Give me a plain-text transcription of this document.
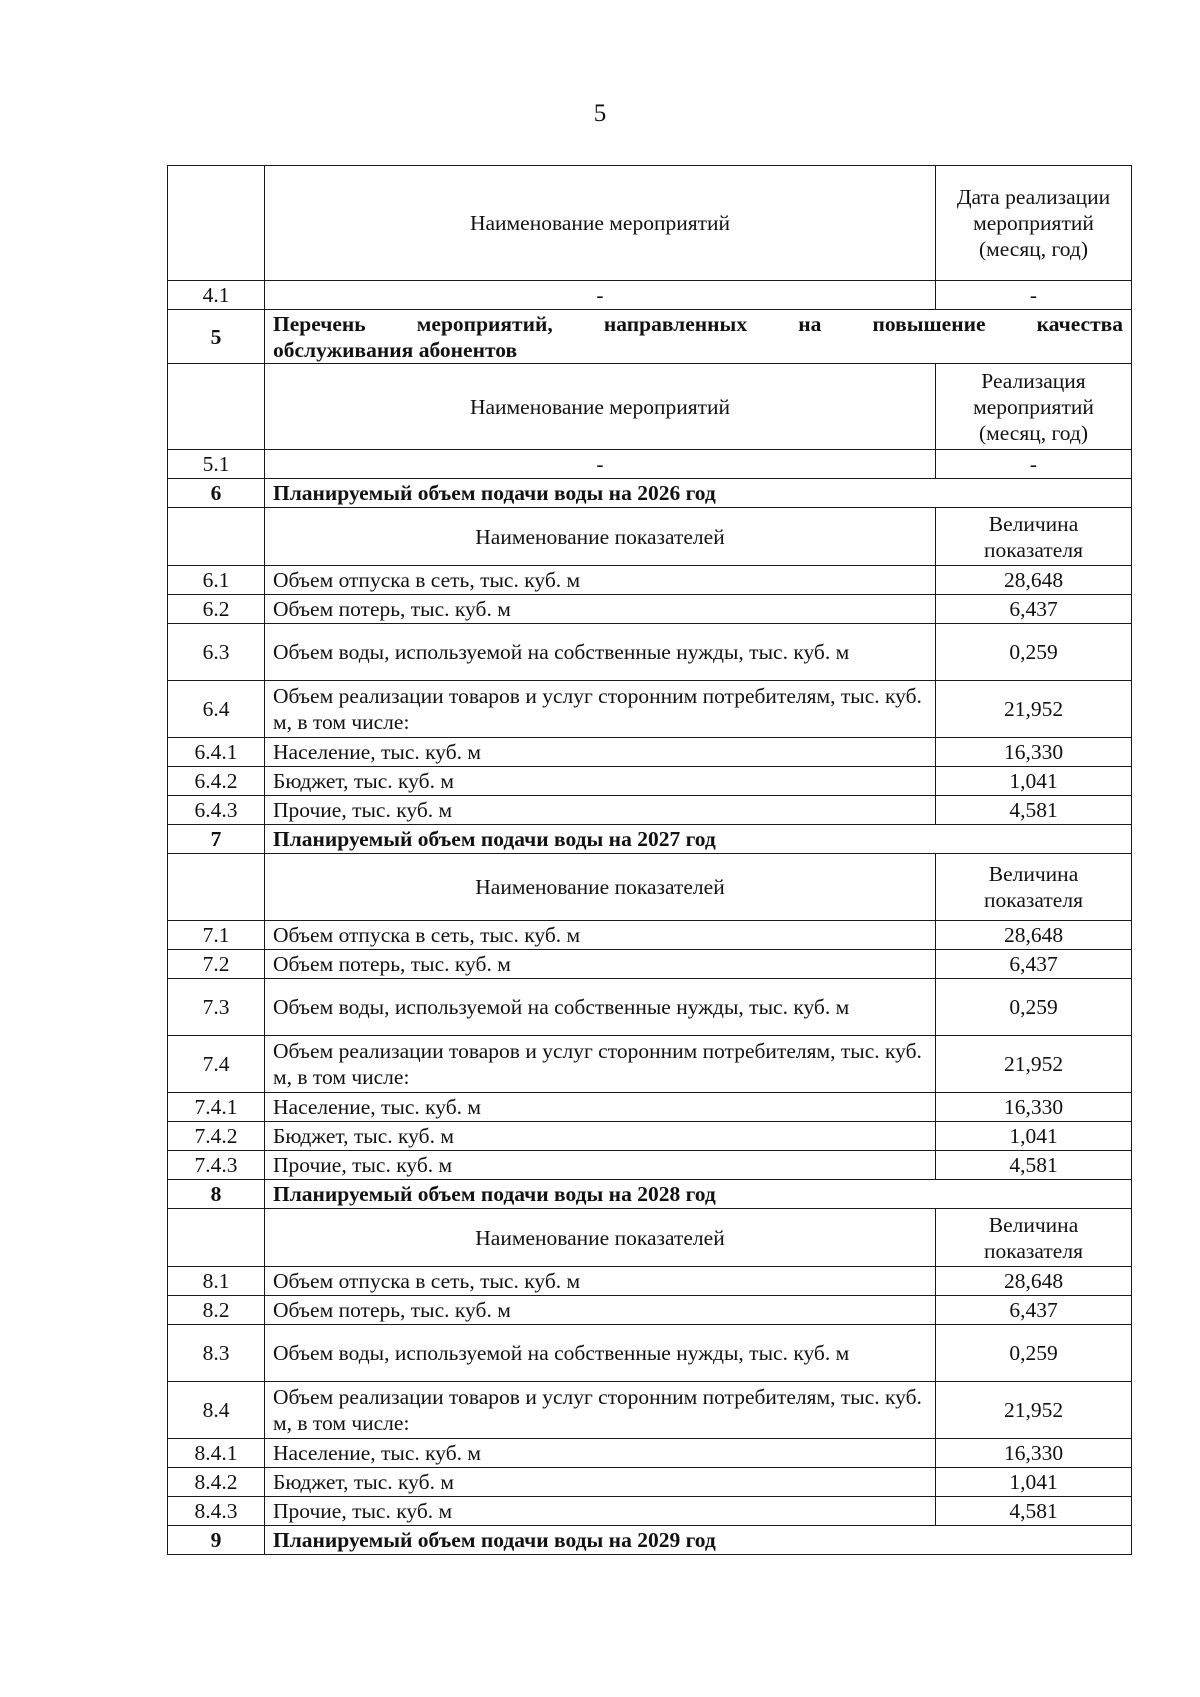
5
	Наименование мероприятий	Дата реализации мероприятий (месяц, год)
4.1	-	-
5	Перечень мероприятий, направленных на повышение качества
обслуживания абонентов	

	Наименование мероприятий	Реализация мероприятий (месяц, год)
5.1	-	-
6	Планируемый объем подачи воды на 2026 год	
	Наименование показателей	Величина показателя
6.1	Объем отпуска в сеть, тыс. куб. м	28,648
6.2	Объем потерь, тыс. куб. м	6,437
6.3	Объем воды, используемой на собственные нужды, тыс. куб. м	0,259
6.4	Объем реализации товаров и услуг сторонним потребителям, тыс. куб. м, в том числе:	21,952
6.4.1	Население, тыс. куб. м	16,330
6.4.2	Бюджет, тыс. куб. м	1,041
6.4.3	Прочие, тыс. куб. м	4,581
7	Планируемый объем подачи воды на 2027 год	
	Наименование показателей	Величина показателя
7.1	Объем отпуска в сеть, тыс. куб. м	28,648
7.2	Объем потерь, тыс. куб. м	6,437
7.3	Объем воды, используемой на собственные нужды, тыс. куб. м	0,259
7.4	Объем реализации товаров и услуг сторонним потребителям, тыс. куб. м, в том числе:	21,952
7.4.1	Население, тыс. куб. м	16,330
7.4.2	Бюджет, тыс. куб. м	1,041
7.4.3	Прочие, тыс. куб. м	4,581
8	Планируемый объем подачи воды на 2028 год	
	Наименование показателей	Величина показателя
8.1	Объем отпуска в сеть, тыс. куб. м	28,648
8.2	Объем потерь, тыс. куб. м	6,437
8.3	Объем воды, используемой на собственные нужды, тыс. куб. м	0,259
8.4	Объем реализации товаров и услуг сторонним потребителям, тыс. куб. м, в том числе:	21,952
8.4.1	Население, тыс. куб. м	16,330
8.4.2	Бюджет, тыс. куб. м	1,041
8.4.3	Прочие, тыс. куб. м	4,581
9	Планируемый объем подачи воды на 2029 год	
